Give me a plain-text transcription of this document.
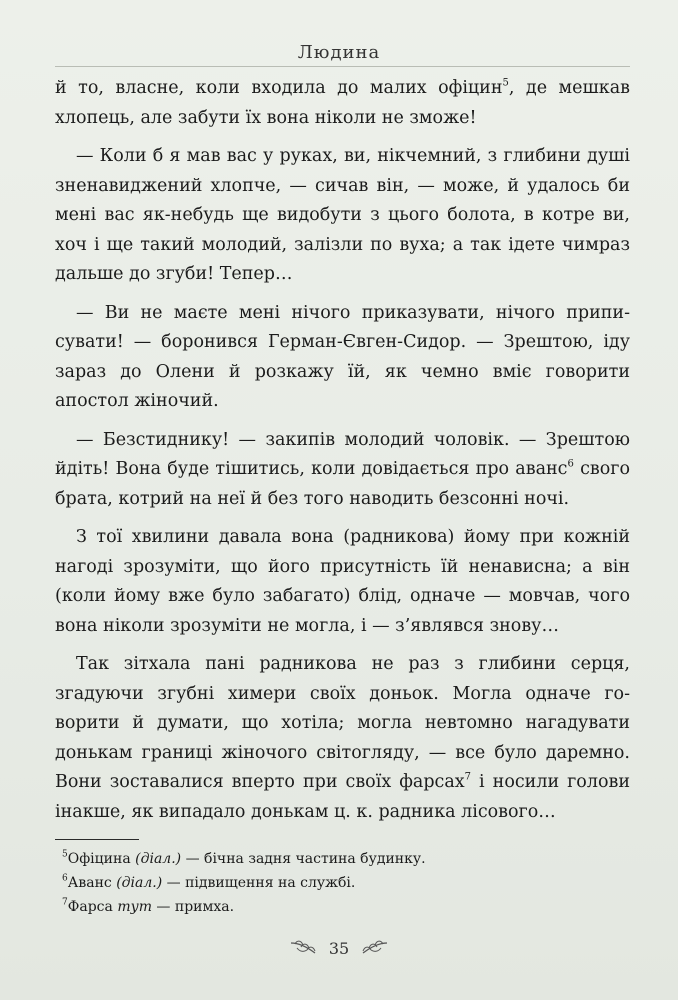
Людина

й то, власне, коли входила до малих офіцин$^5$, де мешкав хлопець, але забути їх вона ніколи не зможе!

— Коли б я мав вас у руках, ви, нікчемний, з глибини душі зненавиджений хлопче, — сичав він, — може, й удалось би мені вас як-небудь ще видобути з цього болота, в котре ви, хоч і ще такий молодий, залізли по вуха; а так ідете чимраз дальше до згуби! Тепер…

— Ви не маєте мені нічого приказувати, нічого приписувати! — боронився Герман-Євген-Сидор. — Зрештою, іду зараз до Олени й розкажу їй, як чемно вміє говорити апостол жіночий.

— Безстиднику! — закипів молодий чоловік. — Зрештою йдіть! Вона буде тішитись, коли довідається про аванс$^6$ свого брата, котрий на неї й без того наводить безсонні ночі.

З тої хвилини давала вона (радникова) йому при кожній нагоді зрозуміти, що його присутність їй ненависна; а він (коли йому вже було забагато) блід, одначе — мовчав, чого вона ніколи зрозуміти не могла, і — з’являвся знову…

Так зітхала пані радникова не раз з глибини серця, згадуючи згубні химери своїх доньок. Могла одначе говорити й думати, що хотіла; могла невтомно нагадувати донькам границі жіночого світогляду, — все було даремно. Вони зоставалися вперто при своїх фарсах$^7$ і носили голови інакше, як випадало донькам ц. к. радника лісового…

$^5$Офіцина (діал.) — бічна задня частина будинку.

$^6$Аванс (діал.) — підвищення на службі.

$^7$Фарса тут — примха.

35
